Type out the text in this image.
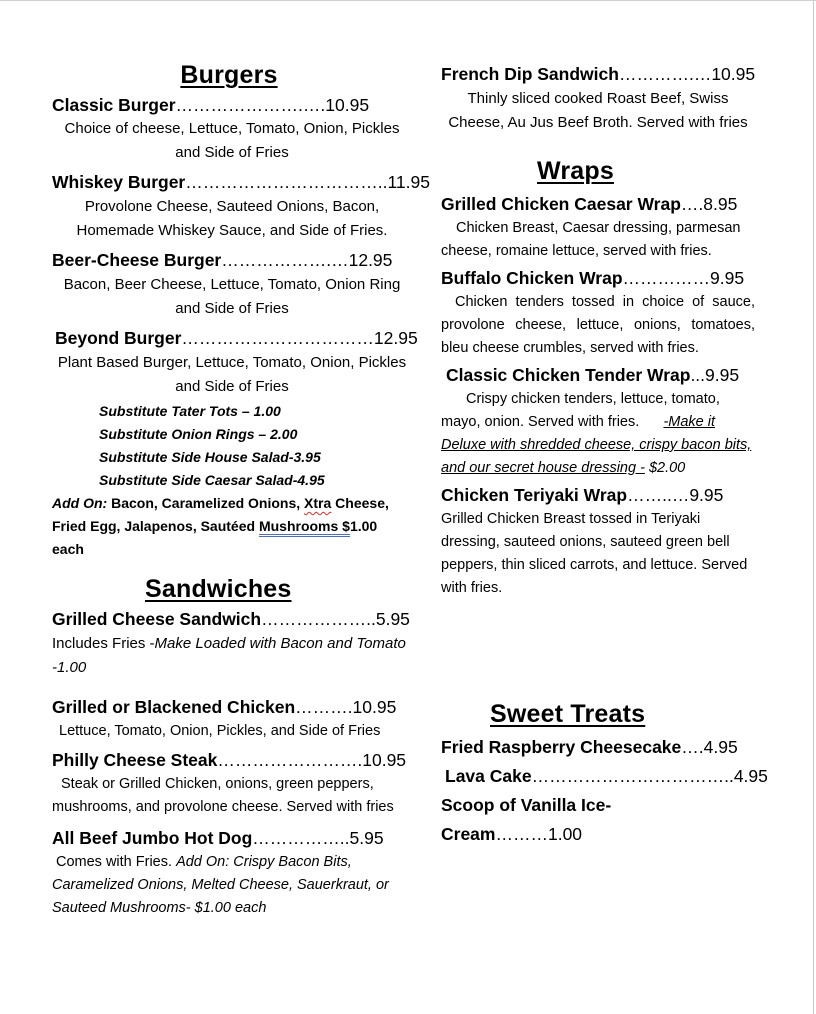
Burgers
Classic Burger………………….….10.95
Choice of cheese, Lettuce, Tomato, Onion, Pickles and Side of Fries
Whiskey Burger……………………………..11.95
Provolone Cheese, Sauteed Onions, Bacon, Homemade Whiskey Sauce, and Side of Fries.
Beer-Cheese Burger……………….…12.95
Bacon, Beer Cheese, Lettuce, Tomato, Onion Ring and Side of Fries
Beyond Burger……………………………12.95
Plant Based Burger, Lettuce, Tomato, Onion, Pickles and Side of Fries
Substitute Tater Tots – 1.00
Substitute Onion Rings – 2.00
Substitute Side House Salad-3.95
Substitute Side Caesar Salad-4.95
Add On: Bacon, Caramelized Onions, Xtra Cheese, Fried Egg, Jalapenos, Sautéed Mushrooms $1.00 each
Sandwiches
Grilled Cheese Sandwich………………..5.95
Includes Fries -Make Loaded with Bacon and Tomato -1.00
Grilled or Blackened Chicken……….10.95
Lettuce, Tomato, Onion, Pickles, and Side of Fries
Philly Cheese Steak…………………….10.95
Steak or Grilled Chicken, onions, green peppers, mushrooms, and provolone cheese. Served with fries
All Beef Jumbo Hot Dog……………..5.95
Comes with Fries. Add On: Crispy Bacon Bits, Caramelized Onions, Melted Cheese, Sauerkraut, or
Sauteed Mushrooms- $1.00 each
French Dip Sandwich………….…10.95
Thinly sliced cooked Roast Beef, Swiss Cheese, Au Jus Beef Broth. Served with fries
Wraps
Grilled Chicken Caesar Wrap….8.95
Chicken Breast, Caesar dressing, parmesan cheese, romaine lettuce, served with fries.
Buffalo Chicken Wrap……………9.95
Chicken tenders tossed in choice of sauce, provolone cheese, lettuce, onions, tomatoes, bleu cheese crumbles, served with fries.
Classic Chicken Tender Wrap...9.95
Crispy chicken tenders, lettuce, tomato, mayo, onion. Served with fries. -Make it Deluxe with shredded cheese, crispy bacon bits, and our secret house dressing - $2.00
Chicken Teriyaki Wrap……..…9.95
Grilled Chicken Breast tossed in Teriyaki dressing, sauteed onions, sauteed green bell peppers, thin sliced carrots, and lettuce. Served with fries.
Sweet Treats
Fried Raspberry Cheesecake….4.95
Lava Cake……………………………..4.95
Scoop of Vanilla Ice-
Cream………1.00
